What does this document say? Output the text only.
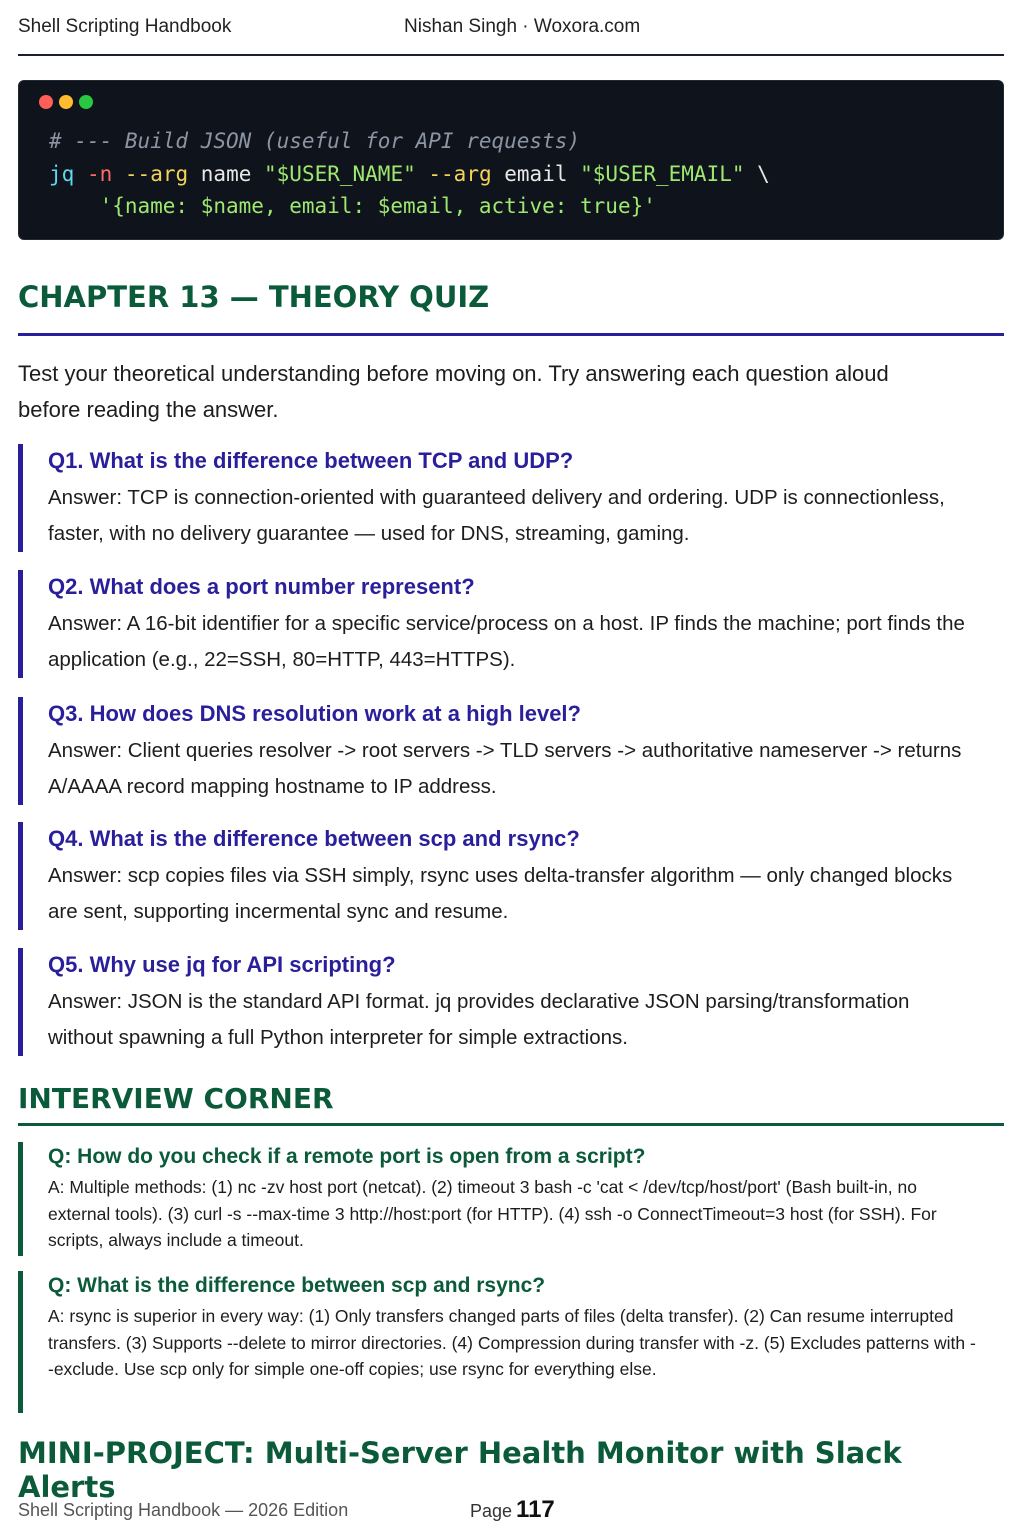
Shell Scripting Handbook	Nishan Singh · Woxora.com
# --- Build JSON (useful for API requests)
jq -n --arg name "$USER_NAME" --arg email "$USER_EMAIL" \
'{name: $name, email: $email, active: true}'
CHAPTER 13 — THEORY QUIZ
Test your theoretical understanding before moving on. Try answering each question aloud before reading the answer.
Q1. What is the difference between TCP and UDP?
Answer: TCP is connection-oriented with guaranteed delivery and ordering. UDP is connectionless, faster, with no delivery guarantee — used for DNS, streaming, gaming.
Q2. What does a port number represent?
Answer: A 16-bit identifier for a specific service/process on a host. IP finds the machine; port finds the application (e.g., 22=SSH, 80=HTTP, 443=HTTPS).
Q3. How does DNS resolution work at a high level?
Answer: Client queries resolver -> root servers -> TLD servers -> authoritative nameserver -> returns A/AAAA record mapping hostname to IP address.
Q4. What is the difference between scp and rsync?
Answer: scp copies files via SSH simply, rsync uses delta-transfer algorithm — only changed blocks are sent, supporting incermental sync and resume.
Q5. Why use jq for API scripting?
Answer: JSON is the standard API format. jq provides declarative JSON parsing/transformation without spawning a full Python interpreter for simple extractions.
INTERVIEW CORNER
Q: How do you check if a remote port is open from a script?
A: Multiple methods: (1) nc -zv host port (netcat). (2) timeout 3 bash -c 'cat < /dev/tcp/host/port' (Bash built-in, no external tools). (3) curl -s --max-time 3 http://host:port (for HTTP). (4) ssh -o ConnectTimeout=3 host (for SSH). For scripts, always include a timeout.
Q: What is the difference between scp and rsync?
A: rsync is superior in every way: (1) Only transfers changed parts of files (delta transfer). (2) Can resume interrupted transfers. (3) Supports --delete to mirror directories. (4) Compression during transfer with -z. (5) Excludes patterns with --exclude. Use scp only for simple one-off copies; use rsync for everything else.
MINI-PROJECT: Multi-Server Health Monitor with Slack Alerts
Shell Scripting Handbook — 2026 Edition	Page 117
